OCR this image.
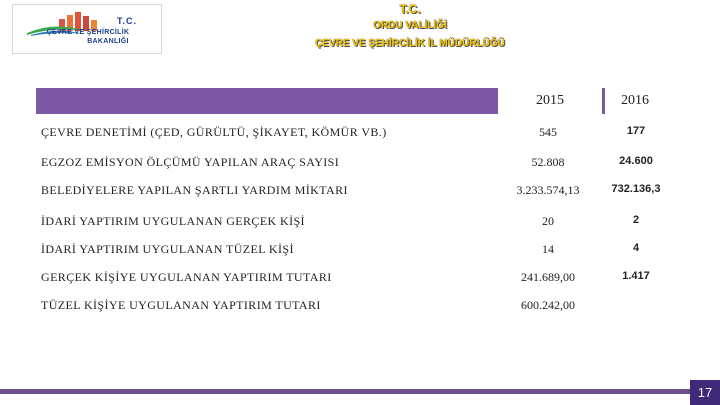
T.C.
ÇEVRE VE ŞEHİRCİLİK
BAKANLIĞI
T.C.
ORDU VALİLİĞİ
ÇEVRE VE ŞEHİRCİLİK İL MÜDÜRLÜĞÜ
2015	2016
ÇEVRE DENETİMİ (ÇED, GÜRÜLTÜ, ŞİKAYET, KÖMÜR VB.)	545	177
EGZOZ EMİSYON ÖLÇÜMÜ YAPILAN ARAÇ SAYISI	52.808	24.600
BELEDİYELERE YAPILAN ŞARTLI YARDIM MİKTARI	3.233.574,13	732.136,3
İDARİ YAPTIRIM UYGULANAN GERÇEK KİŞİ	20	2
İDARİ YAPTIRIM UYGULANAN TÜZEL KİŞİ	14	4
GERÇEK KİŞİYE UYGULANAN YAPTIRIM TUTARI	241.689,00	1.417
TÜZEL KİŞİYE UYGULANAN YAPTIRIM TUTARI	600.242,00
17
